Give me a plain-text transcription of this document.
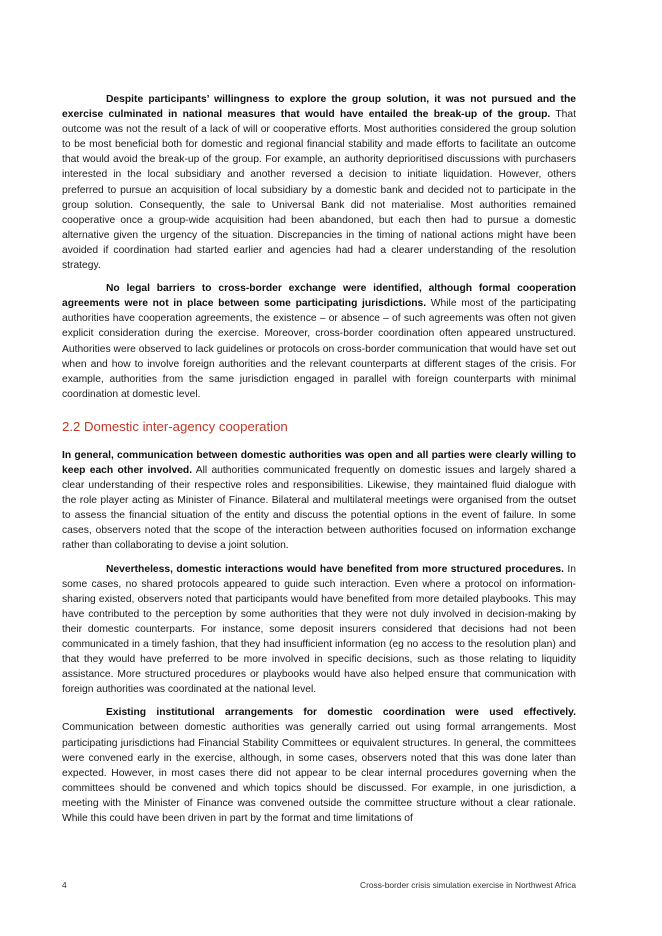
Despite participants’ willingness to explore the group solution, it was not pursued and the exercise culminated in national measures that would have entailed the break-up of the group. That outcome was not the result of a lack of will or cooperative efforts. Most authorities considered the group solution to be most beneficial both for domestic and regional financial stability and made efforts to facilitate an outcome that would avoid the break-up of the group. For example, an authority deprioritised discussions with purchasers interested in the local subsidiary and another reversed a decision to initiate liquidation. However, others preferred to pursue an acquisition of local subsidiary by a domestic bank and decided not to participate in the group solution. Consequently, the sale to Universal Bank did not materialise. Most authorities remained cooperative once a group-wide acquisition had been abandoned, but each then had to pursue a domestic alternative given the urgency of the situation. Discrepancies in the timing of national actions might have been avoided if coordination had started earlier and agencies had had a clearer understanding of the resolution strategy.

No legal barriers to cross-border exchange were identified, although formal cooperation agreements were not in place between some participating jurisdictions. While most of the participating authorities have cooperation agreements, the existence – or absence – of such agreements was often not given explicit consideration during the exercise. Moreover, cross-border coordination often appeared unstructured. Authorities were observed to lack guidelines or protocols on cross-border communication that would have set out when and how to involve foreign authorities and the relevant counterparts at different stages of the crisis. For example, authorities from the same jurisdiction engaged in parallel with foreign counterparts with minimal coordination at domestic level.

2.2 Domestic inter-agency cooperation

In general, communication between domestic authorities was open and all parties were clearly willing to keep each other involved. All authorities communicated frequently on domestic issues and largely shared a clear understanding of their respective roles and responsibilities. Likewise, they maintained fluid dialogue with the role player acting as Minister of Finance. Bilateral and multilateral meetings were organised from the outset to assess the financial situation of the entity and discuss the potential options in the event of failure. In some cases, observers noted that the scope of the interaction between authorities focused on information exchange rather than collaborating to devise a joint solution.

Nevertheless, domestic interactions would have benefited from more structured procedures. In some cases, no shared protocols appeared to guide such interaction. Even where a protocol on information-sharing existed, observers noted that participants would have benefited from more detailed playbooks. This may have contributed to the perception by some authorities that they were not duly involved in decision-making by their domestic counterparts. For instance, some deposit insurers considered that decisions had not been communicated in a timely fashion, that they had insufficient information (eg no access to the resolution plan) and that they would have preferred to be more involved in specific decisions, such as those relating to liquidity assistance. More structured procedures or playbooks would have also helped ensure that communication with foreign authorities was coordinated at the national level.

Existing institutional arrangements for domestic coordination were used effectively. Communication between domestic authorities was generally carried out using formal arrangements. Most participating jurisdictions had Financial Stability Committees or equivalent structures. In general, the committees were convened early in the exercise, although, in some cases, observers noted that this was done later than expected. However, in most cases there did not appear to be clear internal procedures governing when the committees should be convened and which topics should be discussed. For example, in one jurisdiction, a meeting with the Minister of Finance was convened outside the committee structure without a clear rationale. While this could have been driven in part by the format and time limitations of

4	Cross-border crisis simulation exercise in Northwest Africa
